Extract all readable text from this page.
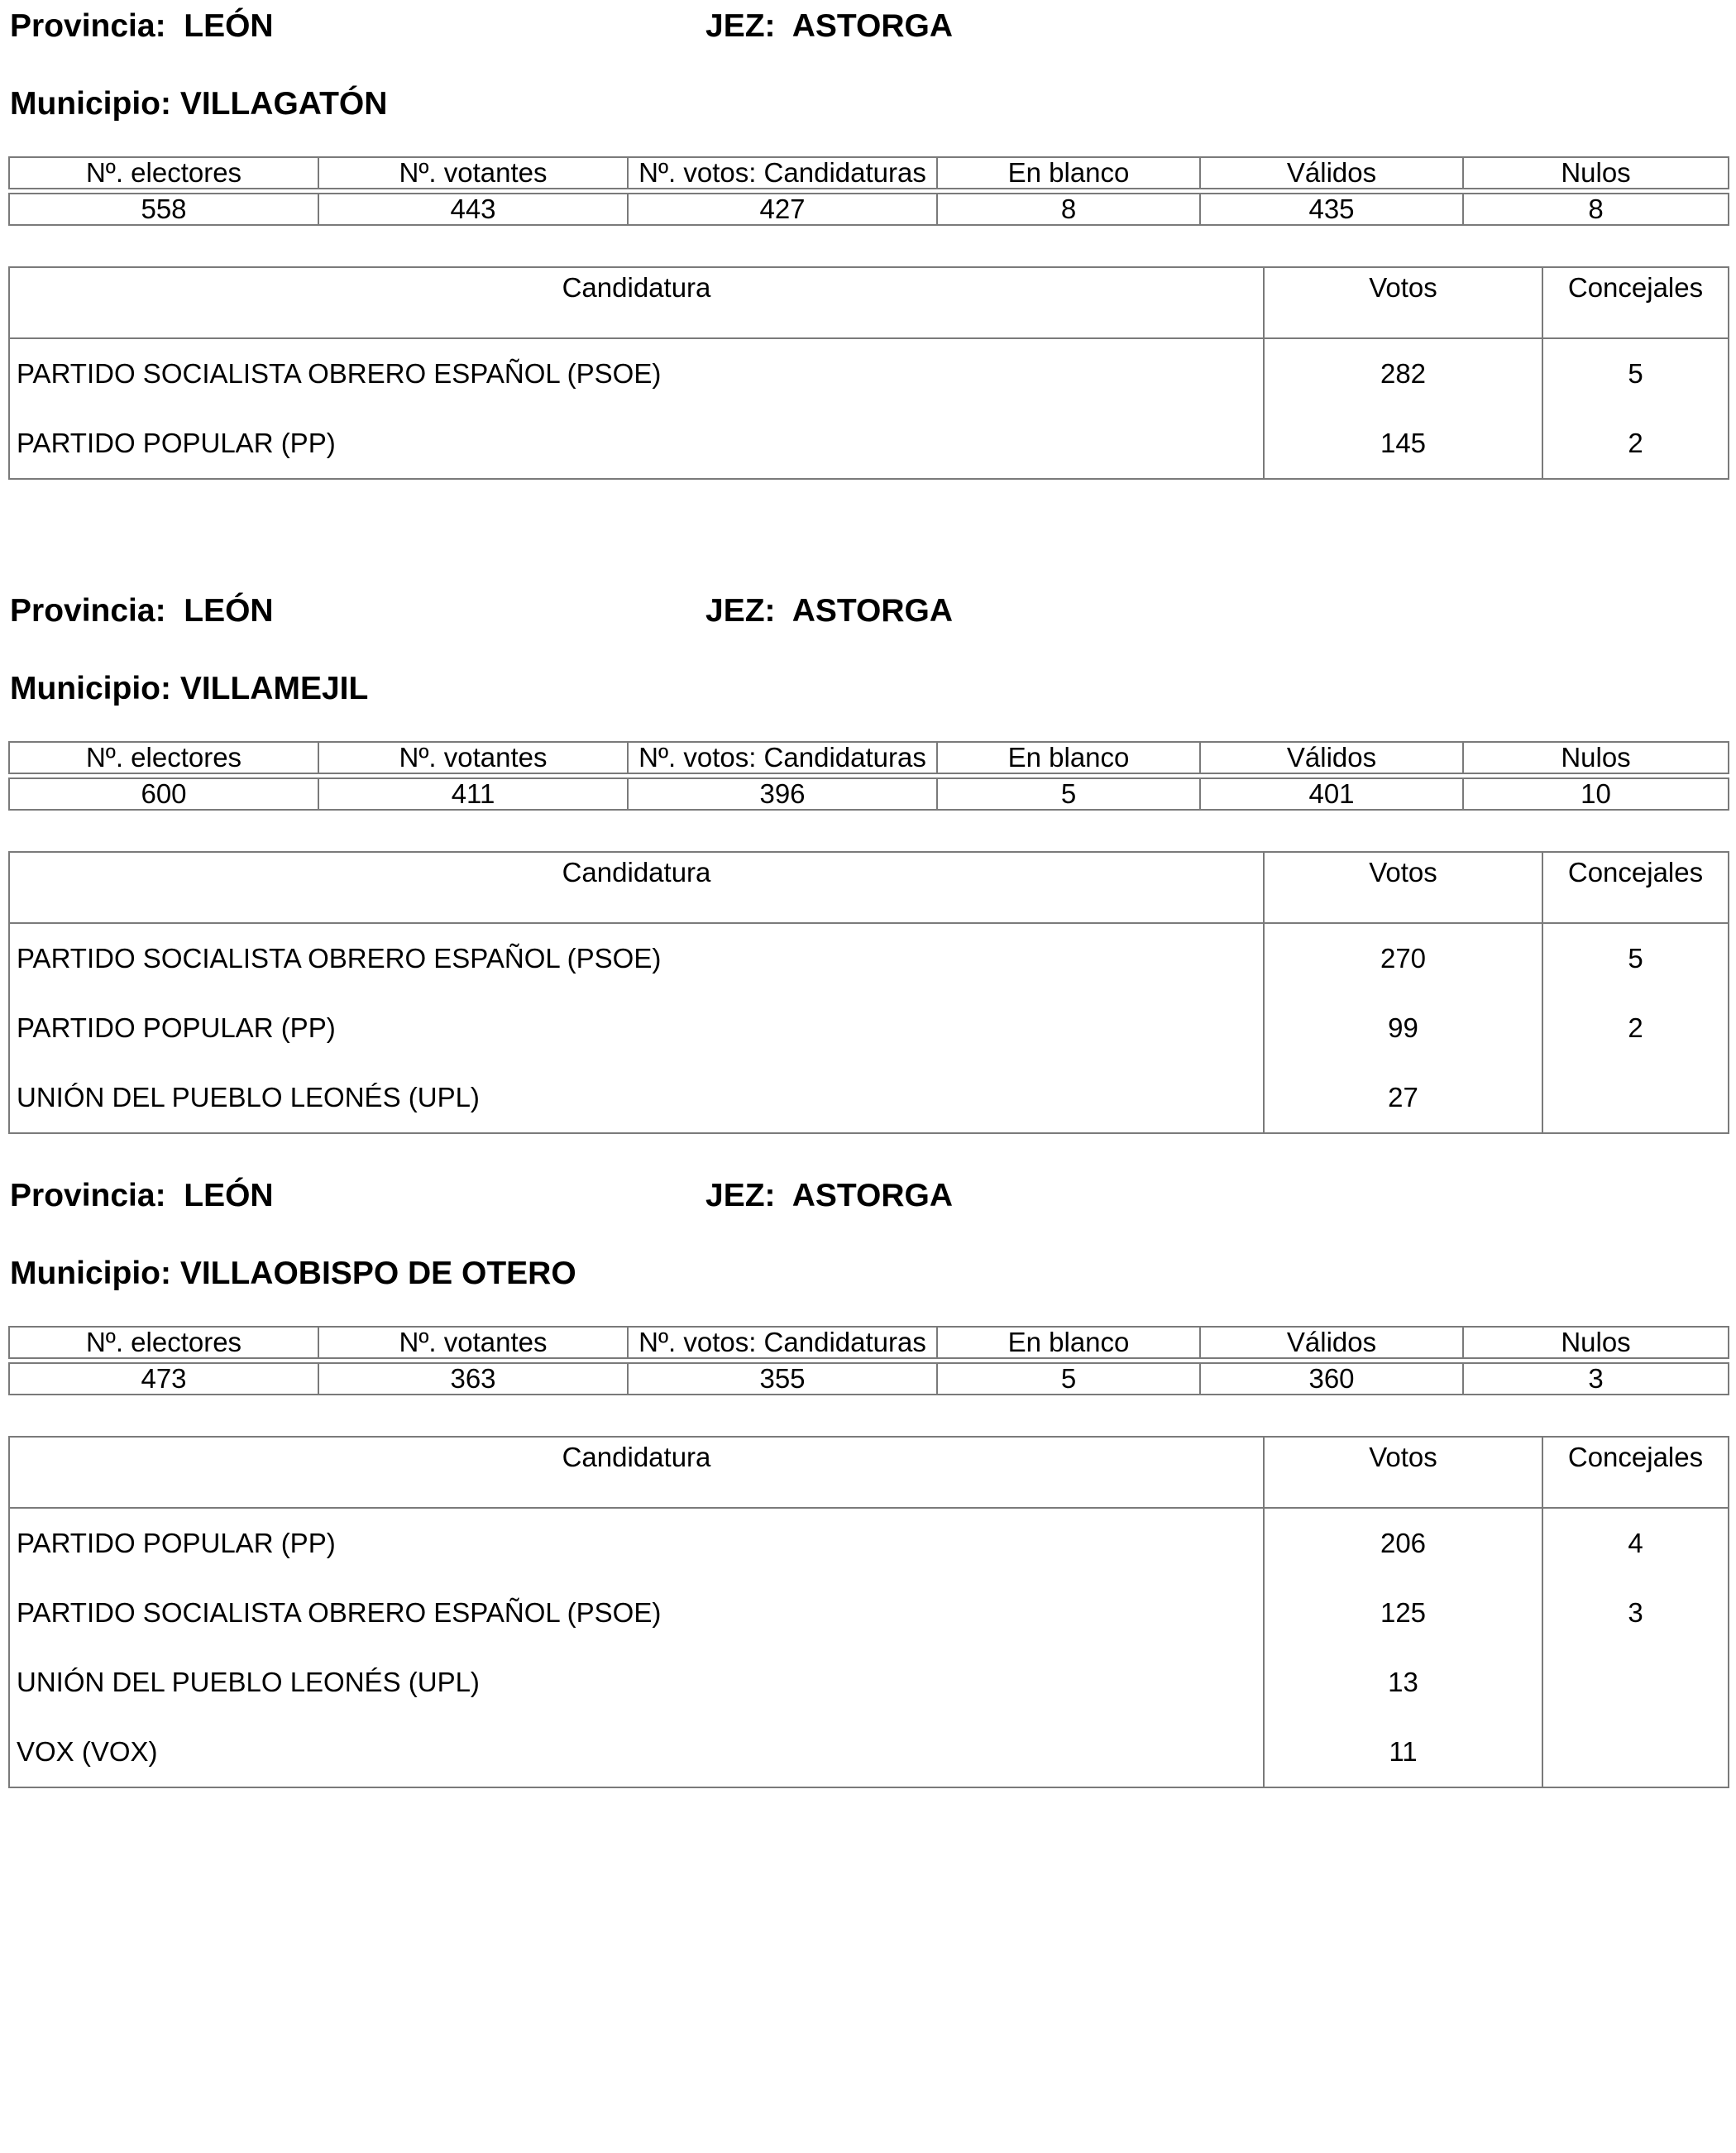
Provincia: LEÓN	JEZ: ASTORGA
Municipio: VILLAGATÓN
Nº. electores	Nº. votantes	Nº. votos: Candidaturas	En blanco	Válidos	Nulos

558	443	427	8	435	8
Candidatura	Votos	Concejales
PARTIDO SOCIALISTA OBRERO ESPAÑOL (PSOE)	282	5
PARTIDO POPULAR (PP)	145	2
Provincia: LEÓN	JEZ: ASTORGA
Municipio: VILLAMEJIL
Nº. electores	Nº. votantes	Nº. votos: Candidaturas	En blanco	Válidos	Nulos

600	411	396	5	401	10
Candidatura	Votos	Concejales
PARTIDO SOCIALISTA OBRERO ESPAÑOL (PSOE)	270	5
PARTIDO POPULAR (PP)	99	2
UNIÓN DEL PUEBLO LEONÉS (UPL)	27	
Provincia: LEÓN	JEZ: ASTORGA
Municipio: VILLAOBISPO DE OTERO
Nº. electores	Nº. votantes	Nº. votos: Candidaturas	En blanco	Válidos	Nulos

473	363	355	5	360	3
Candidatura	Votos	Concejales
PARTIDO POPULAR (PP)	206	4
PARTIDO SOCIALISTA OBRERO ESPAÑOL (PSOE)	125	3
UNIÓN DEL PUEBLO LEONÉS (UPL)	13	
VOX (VOX)	11	
